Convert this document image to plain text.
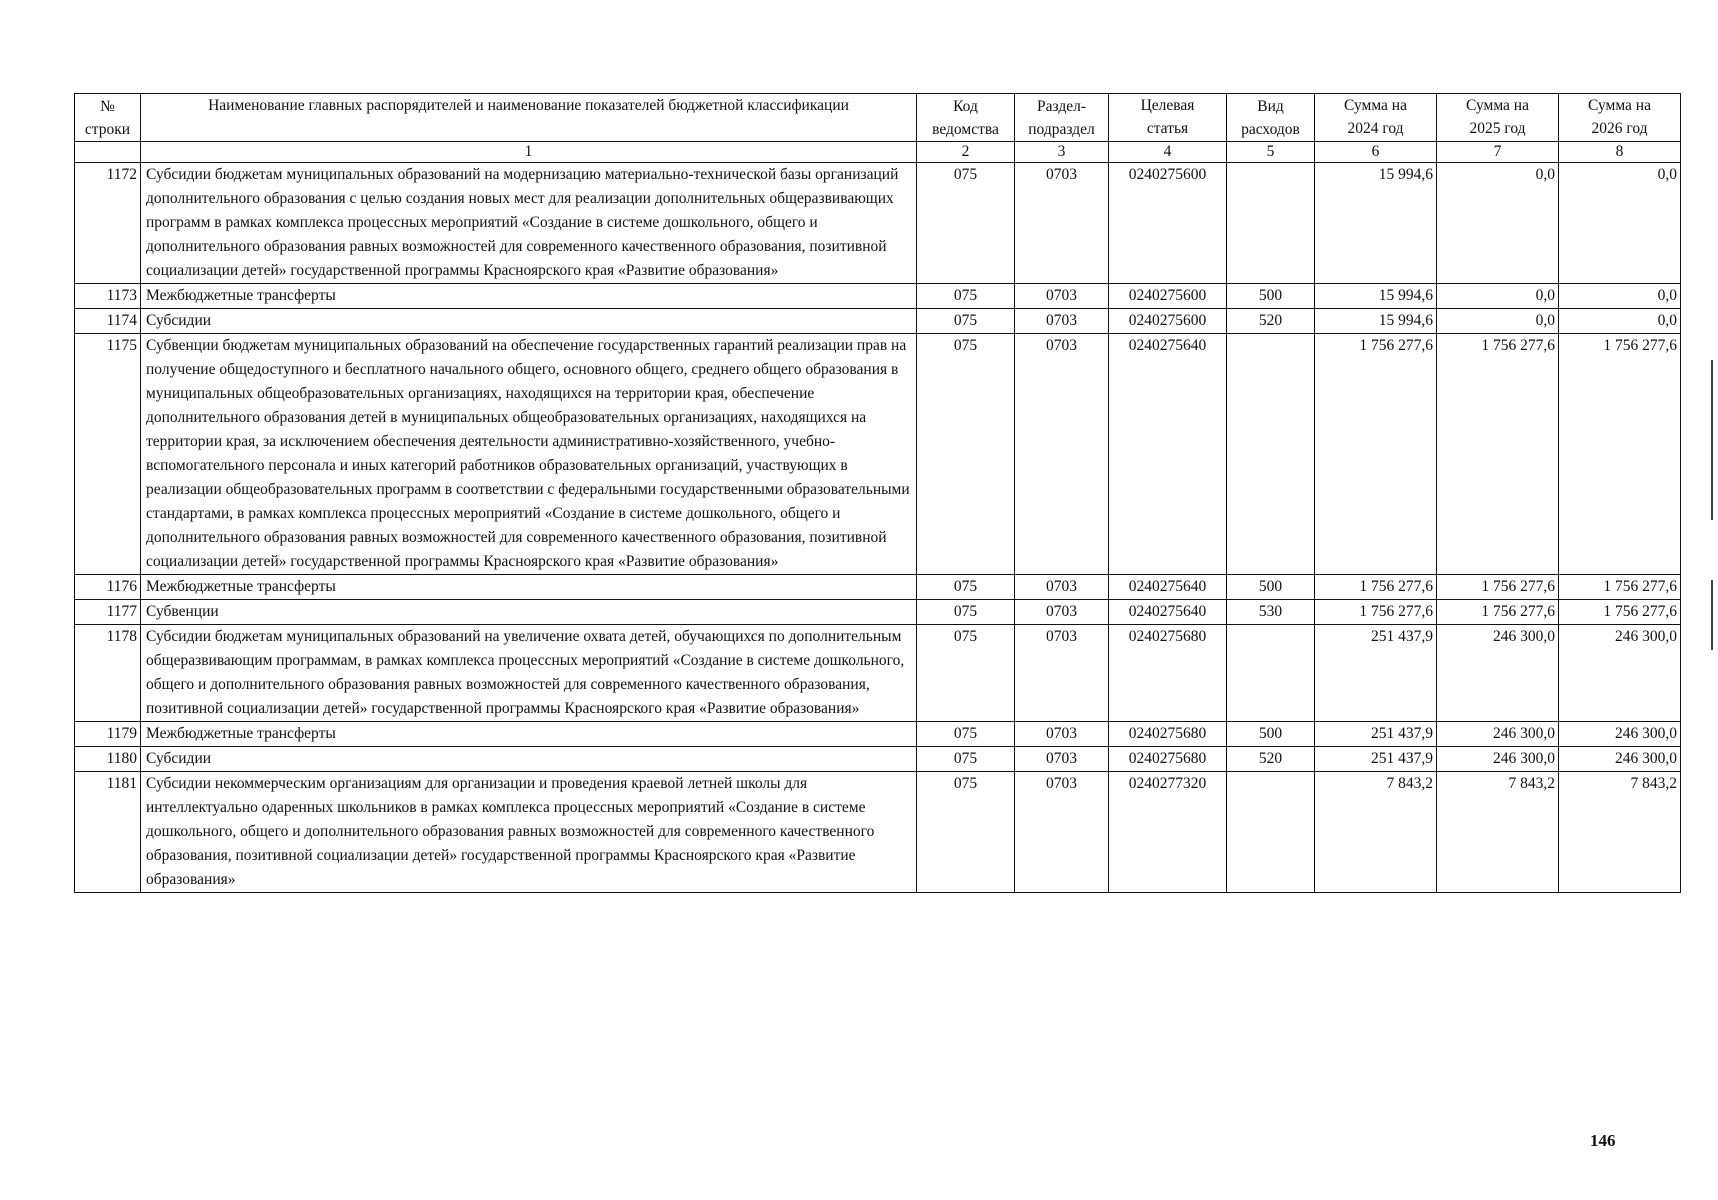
№ строки	Наименование главных распорядителей и наименование показателей бюджетной классификации	Код ведомства	Раздел-подраздел	Целевая статья	Вид расходов	Сумма на 2024 год	Сумма на 2025 год	Сумма на 2026 год
	1	2	3	4	5	6	7	8
1172	Субсидии бюджетам муниципальных образований на модернизацию материально-технической базы организаций дополнительного образования с целью создания новых мест для реализации дополнительных общеразвивающих программ в рамках комплекса процессных мероприятий «Создание в системе дошкольного, общего и дополнительного образования равных возможностей для современного качественного образования, позитивной социализации детей» государственной программы Красноярского края «Развитие образования»	075	0703	0240275600		15 994,6	0,0	0,0
1173	Межбюджетные трансферты	075	0703	0240275600	500	15 994,6	0,0	0,0
1174	Субсидии	075	0703	0240275600	520	15 994,6	0,0	0,0
1175	Субвенции бюджетам муниципальных образований на обеспечение государственных гарантий реализации прав на получение общедоступного и бесплатного начального общего, основного общего, среднего общего образования в муниципальных общеобразовательных организациях, находящихся на территории края, обеспечение дополнительного образования детей в муниципальных общеобразовательных организациях, находящихся на территории края, за исключением обеспечения деятельности административно-хозяйственного, учебно-вспомогательного персонала и иных категорий работников образовательных организаций, участвующих в реализации общеобразовательных программ в соответствии с федеральными государственными образовательными стандартами, в рамках комплекса процессных мероприятий «Создание в системе дошкольного, общего и дополнительного образования равных возможностей для современного качественного образования, позитивной социализации детей» государственной программы Красноярского края «Развитие образования»	075	0703	0240275640		1 756 277,6	1 756 277,6	1 756 277,6
1176	Межбюджетные трансферты	075	0703	0240275640	500	1 756 277,6	1 756 277,6	1 756 277,6
1177	Субвенции	075	0703	0240275640	530	1 756 277,6	1 756 277,6	1 756 277,6
1178	Субсидии бюджетам муниципальных образований на увеличение охвата детей, обучающихся по дополнительным общеразвивающим программам, в рамках комплекса процессных мероприятий «Создание в системе дошкольного, общего и дополнительного образования равных возможностей для современного качественного образования, позитивной социализации детей» государственной программы Красноярского края «Развитие образования»	075	0703	0240275680		251 437,9	246 300,0	246 300,0
1179	Межбюджетные трансферты	075	0703	0240275680	500	251 437,9	246 300,0	246 300,0
1180	Субсидии	075	0703	0240275680	520	251 437,9	246 300,0	246 300,0
1181	Субсидии некоммерческим организациям для организации и проведения краевой летней школы для интеллектуально одаренных школьников в рамках комплекса процессных мероприятий «Создание в системе дошкольного, общего и дополнительного образования равных возможностей для современного качественного образования, позитивной социализации детей» государственной программы Красноярского края «Развитие образования»	075	0703	0240277320		7 843,2	7 843,2	7 843,2
146
